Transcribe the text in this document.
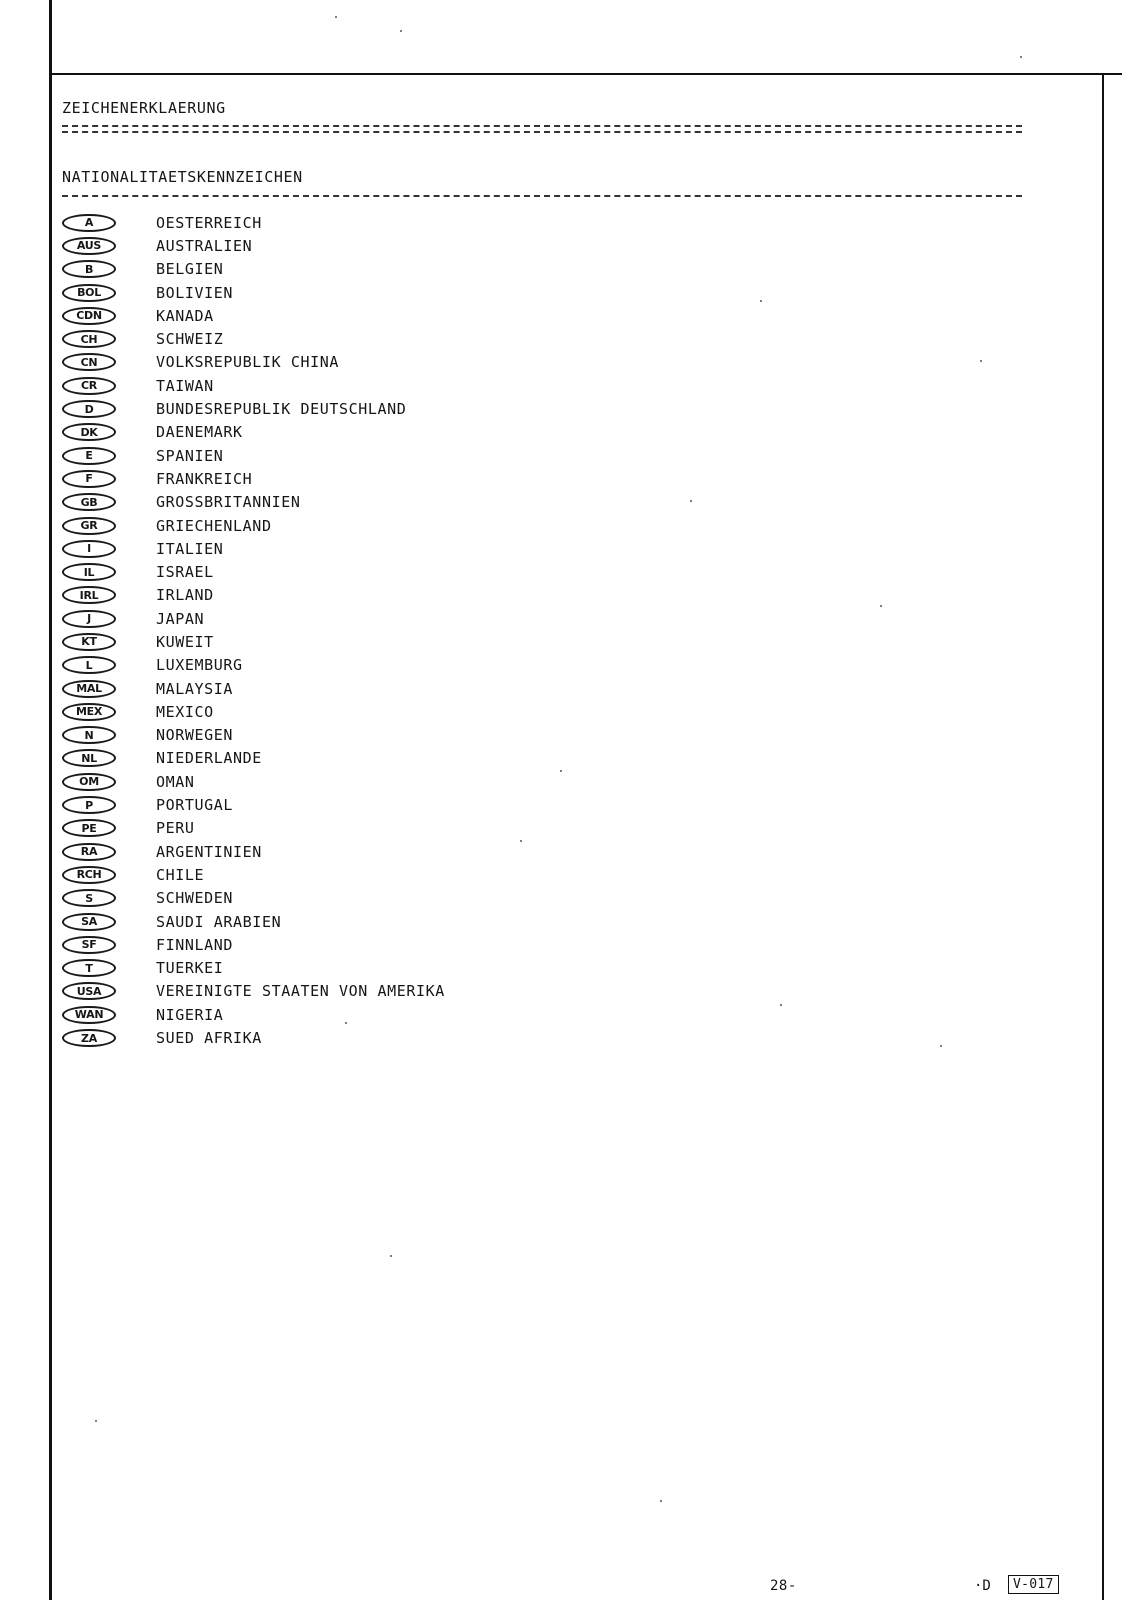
ZEICHENERKLAERUNG
NATIONALITAETSKENNZEICHEN
A	OESTERREICH
AUS	AUSTRALIEN
B	BELGIEN
BOL	BOLIVIEN
CDN	KANADA
CH	SCHWEIZ
CN	VOLKSREPUBLIK CHINA
CR	TAIWAN
D	BUNDESREPUBLIK DEUTSCHLAND
DK	DAENEMARK
E	SPANIEN
F	FRANKREICH
GB	GROSSBRITANNIEN
GR	GRIECHENLAND
I	ITALIEN
IL	ISRAEL
IRL	IRLAND
J	JAPAN
KT	KUWEIT
L	LUXEMBURG
MAL	MALAYSIA
MEX	MEXICO
N	NORWEGEN
NL	NIEDERLANDE
OM	OMAN
P	PORTUGAL
PE	PERU
RA	ARGENTINIEN
RCH	CHILE
S	SCHWEDEN
SA	SAUDI ARABIEN
SF	FINNLAND
T	TUERKEI
USA	VEREINIGTE STAATEN VON AMERIKA
WAN	NIGERIA
ZA	SUED AFRIKA
28-	·D	V-017
